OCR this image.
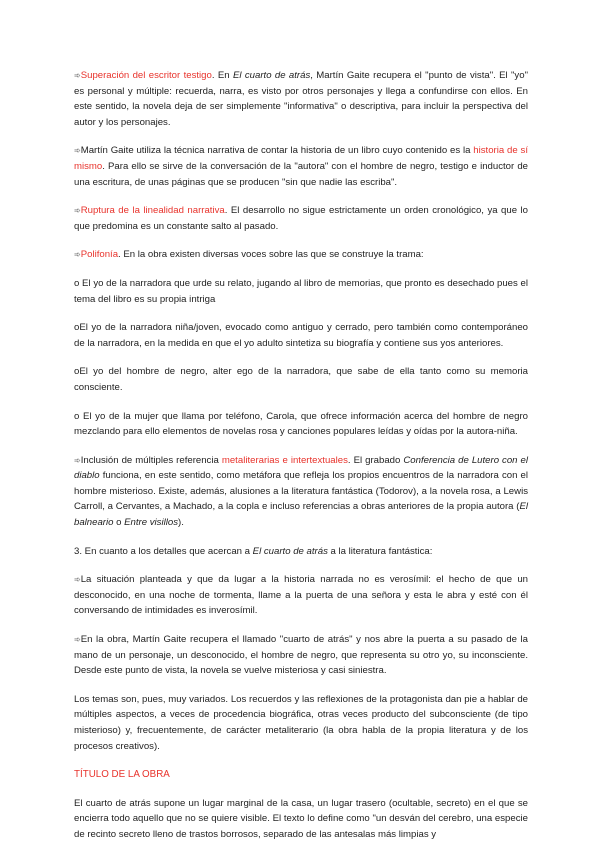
➾Superación del escritor testigo. En El cuarto de atrás, Martín Gaite recupera el "punto de vista". El "yo" es personal y múltiple: recuerda, narra, es visto por otros personajes y llega a confundirse con ellos. En este sentido, la novela deja de ser simplemente "informativa" o descriptiva, para incluir la perspectiva del autor y los personajes.

➾Martín Gaite utiliza la técnica narrativa de contar la historia de un libro cuyo contenido es la historia de sí mismo. Para ello se sirve de la conversación de la "autora" con el hombre de negro, testigo e inductor de una escritura, de unas páginas que se producen "sin que nadie las escriba".

➾Ruptura de la linealidad narrativa. El desarrollo no sigue estrictamente un orden cronológico, ya que lo que predomina es un constante salto al pasado.

➾Polifonía. En la obra existen diversas voces sobre las que se construye la trama:

o El yo de la narradora que urde su relato, jugando al libro de memorias, que pronto es desechado pues el tema del libro es su propia intriga

oEl yo de la narradora niña/joven, evocado como antiguo y cerrado, pero también como contemporáneo de la narradora, en la medida en que el yo adulto sintetiza su biografía y contiene sus yos anteriores.

oEl yo del hombre de negro, alter ego de la narradora, que sabe de ella tanto como su memoria consciente.

o El yo de la mujer que llama por teléfono, Carola, que ofrece información acerca del hombre de negro mezclando para ello elementos de novelas rosa y canciones populares leídas y oídas por la autora-niña.

➾Inclusión de múltiples referencia metaliterarias e intertextuales. El grabado Conferencia de Lutero con el diablo funciona, en este sentido, como metáfora que refleja los propios encuentros de la narradora con el hombre misterioso. Existe, además, alusiones a la literatura fantástica (Todorov), a la novela rosa, a Lewis Carroll, a Cervantes, a Machado, a la copla e incluso referencias a obras anteriores de la propia autora (El balneario o Entre visillos).

3. En cuanto a los detalles que acercan a El cuarto de atrás a la literatura fantástica:

➾La situación planteada y que da lugar a la historia narrada no es verosímil: el hecho de que un desconocido, en una noche de tormenta, llame a la puerta de una señora y esta le abra y esté con él conversando de intimidades es inverosímil.

➾En la obra, Martín Gaite recupera el llamado "cuarto de atrás" y nos abre la puerta a su pasado de la mano de un personaje, un desconocido, el hombre de negro, que representa su otro yo, su inconsciente. Desde este punto de vista, la novela se vuelve misteriosa y casi siniestra.

Los temas son, pues, muy variados. Los recuerdos y las reflexiones de la protagonista dan pie a hablar de múltiples aspectos, a veces de procedencia biográfica, otras veces producto del subconsciente (de tipo misterioso) y, frecuentemente, de carácter metaliterario (la obra habla de la propia literatura y de los procesos creativos).

TÍTULO DE LA OBRA

El cuarto de atrás supone un lugar marginal de la casa, un lugar trasero (ocultable, secreto) en el que se encierra todo aquello que no se quiere visible. El texto lo define como "un desván del cerebro, una especie de recinto secreto lleno de trastos borrosos, separado de las antesalas más limpias y
